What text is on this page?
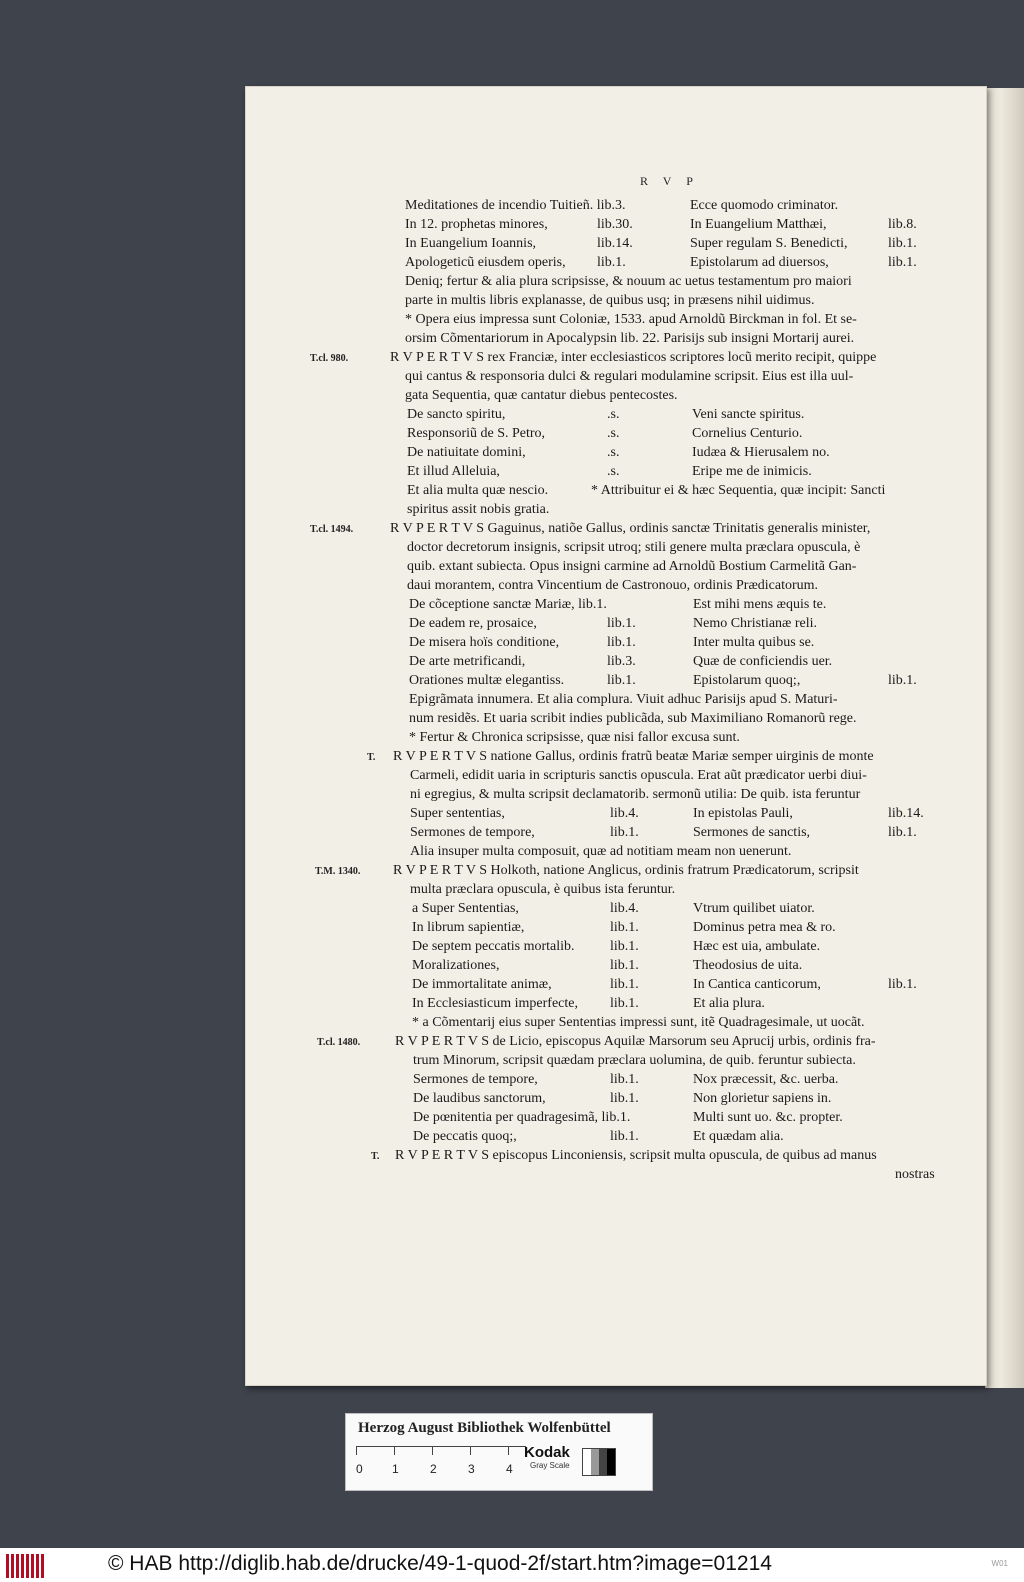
R V P
Meditationes de incendio Tuitieñ. lib.3.	Ecce quomodo criminator.
In 12. prophetas minores,	lib.30.	In Euangelium Matthæi,	lib.8.
In Euangelium Ioannis,	lib.14.	Super regulam S. Benedicti,	lib.1.
Apologeticũ eiusdem operis, lib.1.	Epistolarum ad diuersos,	lib.1.
Deniq; fertur & alia plura scripsisse, & nouum ac uetus testamentum pro maiori
parte in multis libris explanasse, de quibus usq; in præsens nihil uidimus.
* Opera eius impressa sunt Coloniæ, 1533. apud Arnoldũ Birckman in fol. Et se-
orsim Cõmentariorum in Apocalypsin lib. 22. Parisijs sub insigni Mortarij aurei.
T.cl. 980.	R V P E R T V S rex Franciæ, inter ecclesiasticos scriptores locũ merito recipit, quippe
qui cantus & responsoria dulci & regulari modulamine scripsit. Eius est illa uul-
gata Sequentia, quæ cantatur diebus pentecostes.
De sancto spiritu,	.s.	Veni sancte spiritus.
Responsoriũ de S. Petro,	.s.	Cornelius Centurio.
De natiuitate domini,	.s.	Iudæa & Hierusalem no.
Et illud Alleluia,	.s.	Eripe me de inimicis.
Et alia multa quæ nescio.	* Attribuitur ei & hæc Sequentia, quæ incipit: Sancti
spiritus assit nobis gratia.
T.cl. 1494.	R V P E R T V S Gaguinus, natiõe Gallus, ordinis sanctæ Trinitatis generalis minister,
doctor decretorum insignis, scripsit utroq; stili genere multa præclara opuscula, è
quib. extant subiecta. Opus insigni carmine ad Arnoldũ Bostium Carmelitã Gan-
daui morantem, contra Vincentium de Castronouo, ordinis Prædicatorum.
De cõceptione sanctæ Mariæ, lib.1.	Est mihi mens æquis te.
De eadem re, prosaice,	lib.1.	Nemo Christianæ reli.
De misera hoïs conditione,	lib.1.	Inter multa quibus se.
De arte metrificandi,	lib.3.	Quæ de conficiendis uer.
Orationes multæ elegantiss.	lib.1.	Epistolarum quoq;,	lib.1.
Epigrãmata innumera. Et alia complura. Viuit adhuc Parisijs apud S. Maturi-
num residẽs. Et uaria scribit indies publicãda, sub Maximiliano Romanorũ rege.
* Fertur & Chronica scripsisse, quæ nisi fallor excusa sunt.
T. R V P E R T V S natione Gallus, ordinis fratrũ beatæ Mariæ semper uirginis de monte
Carmeli, edidit uaria in scripturis sanctis opuscula. Erat aũt prædicator uerbi diui-
ni egregius, & multa scripsit declamatorib. sermonũ utilia: De quib. ista feruntur
Super sententias,	lib.4.	In epistolas Pauli,	lib.14.
Sermones de tempore,	lib.1.	Sermones de sanctis,	lib.1.
Alia insuper multa composuit, quæ ad notitiam meam non uenerunt.
T.M. 1340. R V P E R T V S Holkoth, natione Anglicus, ordinis fratrum Prædicatorum, scripsit
multa præclara opuscula, è quibus ista feruntur.
a Super Sententias,	lib.4.	Vtrum quilibet uiator.
In librum sapientiæ,	lib.1.	Dominus petra mea & ro.
De septem peccatis mortalib.	lib.1.	Hæc est uia, ambulate.
Moralizationes,	lib.1.	Theodosius de uita.
De immortalitate animæ,	lib.1.	In Cantica canticorum,	lib.1.
In Ecclesiasticum imperfecte, lib.1.	Et alia plura.
* a Cõmentarij eius super Sententias impressi sunt, itẽ Quadragesimale, ut uocãt.
T.cl. 1480. R V P E R T V S de Licio, episcopus Aquilæ Marsorum seu Aprucij urbis, ordinis fra-
trum Minorum, scripsit quædam præclara uolumina, de quib. feruntur subiecta.
Sermones de tempore,	lib.1.	Nox præcessit, &c. uerba.
De laudibus sanctorum,	lib.1.	Non glorietur sapiens in.
De pœnitentia per quadragesimã, lib.1.	Multi sunt uo. &c. propter.
De peccatis quoq;,	lib.1.	Et quædam alia.
T. R V P E R T V S episcopus Linconiensis, scripsit multa opuscula, de quibus ad manus
nostras
Herzog August Bibliothek Wolfenbüttel
0 1	2	3	4
Kodak
Gray Scale
© HAB http://diglib.hab.de/drucke/49-1-quod-2f/start.htm?image=01214	W01
